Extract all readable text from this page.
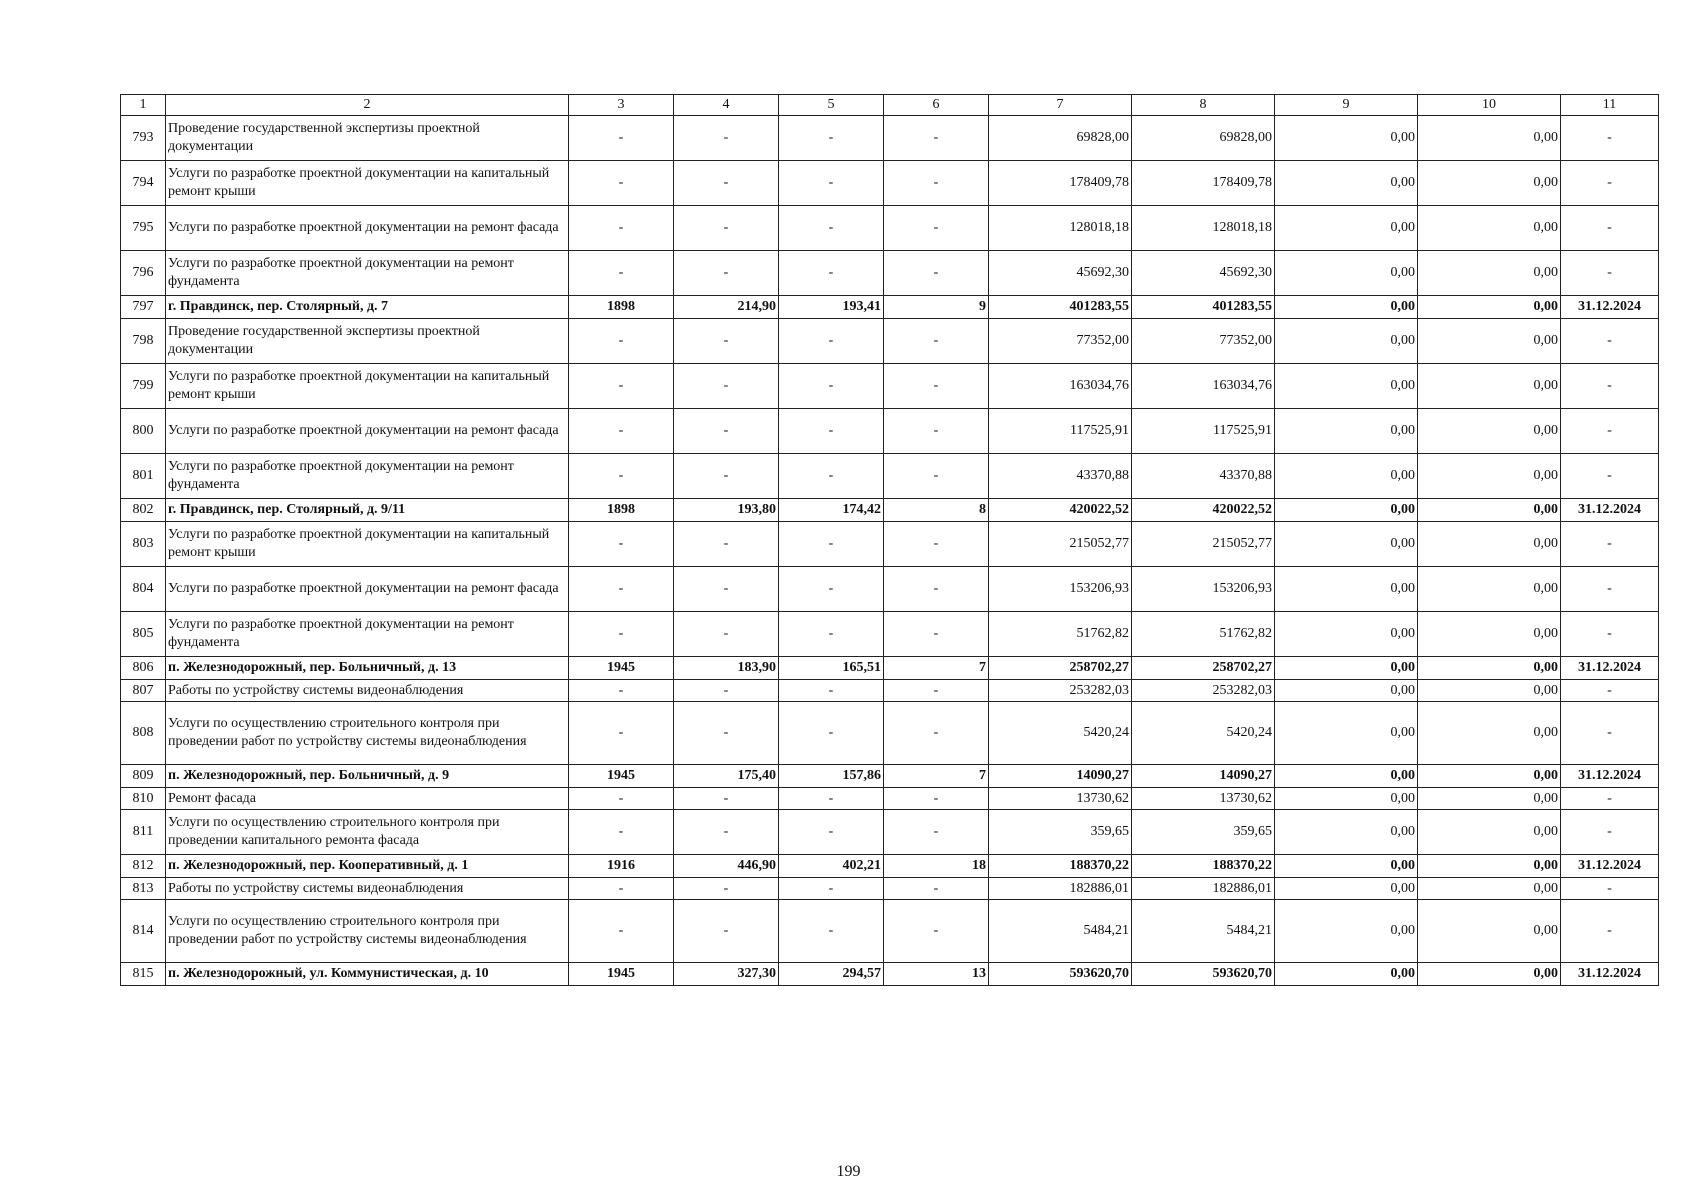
1	2	3	4	5	6	7	8	9	10	11
793	Проведение государственной экспертизы проектной документации	-	-	-	-	69828,00	69828,00	0,00	0,00	-
794	Услуги по разработке проектной документации на капитальный ремонт крыши	-	-	-	-	178409,78	178409,78	0,00	0,00	-
795	Услуги по разработке проектной документации на ремонт фасада	-	-	-	-	128018,18	128018,18	0,00	0,00	-
796	Услуги по разработке проектной документации на ремонт фундамента	-	-	-	-	45692,30	45692,30	0,00	0,00	-
797	г. Правдинск, пер. Столярный, д. 7	1898	214,90	193,41	9	401283,55	401283,55	0,00	0,00	31.12.2024
798	Проведение государственной экспертизы проектной документации	-	-	-	-	77352,00	77352,00	0,00	0,00	-
799	Услуги по разработке проектной документации на капитальный ремонт крыши	-	-	-	-	163034,76	163034,76	0,00	0,00	-
800	Услуги по разработке проектной документации на ремонт фасада	-	-	-	-	117525,91	117525,91	0,00	0,00	-
801	Услуги по разработке проектной документации на ремонт фундамента	-	-	-	-	43370,88	43370,88	0,00	0,00	-
802	г. Правдинск, пер. Столярный, д. 9/11	1898	193,80	174,42	8	420022,52	420022,52	0,00	0,00	31.12.2024
803	Услуги по разработке проектной документации на капитальный ремонт крыши	-	-	-	-	215052,77	215052,77	0,00	0,00	-
804	Услуги по разработке проектной документации на ремонт фасада	-	-	-	-	153206,93	153206,93	0,00	0,00	-
805	Услуги по разработке проектной документации на ремонт фундамента	-	-	-	-	51762,82	51762,82	0,00	0,00	-
806	п. Железнодорожный, пер. Больничный, д. 13	1945	183,90	165,51	7	258702,27	258702,27	0,00	0,00	31.12.2024
807	Работы по устройству системы видеонаблюдения	-	-	-	-	253282,03	253282,03	0,00	0,00	-
808	Услуги по осуществлению строительного контроля при проведении работ по устройству системы видеонаблюдения	-	-	-	-	5420,24	5420,24	0,00	0,00	-
809	п. Железнодорожный, пер. Больничный, д. 9	1945	175,40	157,86	7	14090,27	14090,27	0,00	0,00	31.12.2024
810	Ремонт фасада	-	-	-	-	13730,62	13730,62	0,00	0,00	-
811	Услуги по осуществлению строительного контроля при проведении капитального ремонта фасада	-	-	-	-	359,65	359,65	0,00	0,00	-
812	п. Железнодорожный, пер. Кооперативный, д. 1	1916	446,90	402,21	18	188370,22	188370,22	0,00	0,00	31.12.2024
813	Работы по устройству системы видеонаблюдения	-	-	-	-	182886,01	182886,01	0,00	0,00	-
814	Услуги по осуществлению строительного контроля при проведении работ по устройству системы видеонаблюдения	-	-	-	-	5484,21	5484,21	0,00	0,00	-
815	п. Железнодорожный, ул. Коммунистическая, д. 10	1945	327,30	294,57	13	593620,70	593620,70	0,00	0,00	31.12.2024
199
